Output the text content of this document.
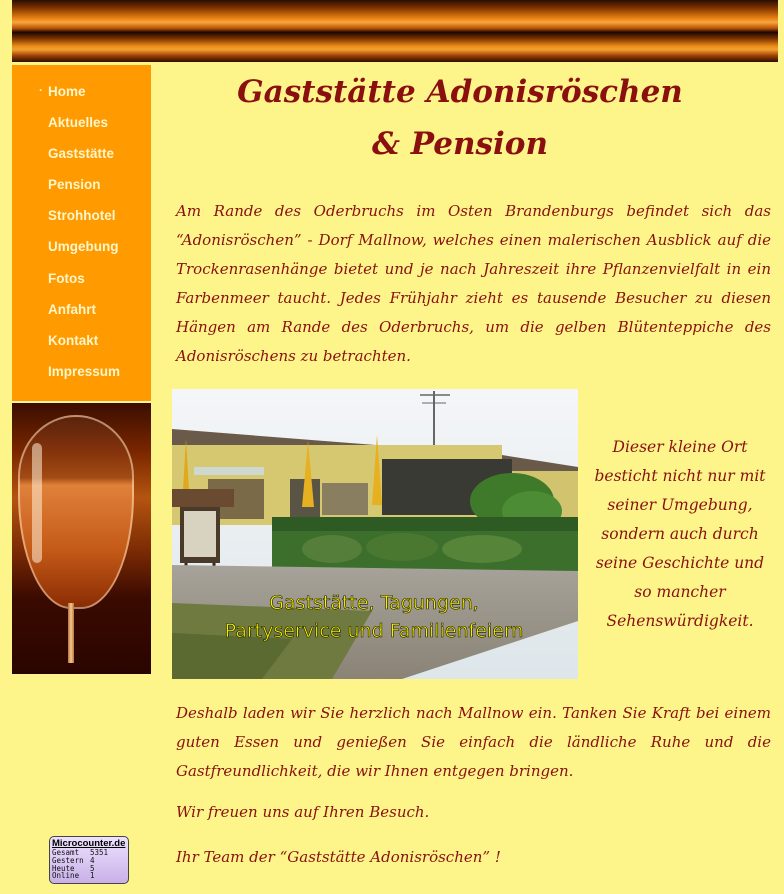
· Home
Aktuelles
Gaststätte
Pension
Strohhotel
Umgebung
Fotos
Anfahrt
Kontakt
Impressum
Gaststätte Adonisröschen
& Pension

Am Rande des Oderbruchs im Osten Brandenburgs befindet sich das “Adonisröschen” - Dorf Mallnow, welches einen malerischen Ausblick auf die Trockenrasenhänge bietet und je nach Jahreszeit ihre Pflanzenvielfalt in ein Farbenmeer taucht. Jedes Frühjahr zieht es tausende Besucher zu diesen Hängen am Rande des Oderbruchs, um die gelben Blütenteppiche des Adonisröschens zu betrachten.

Gaststätte, Tagungen,
Partyservice und Familienfeiern

Dieser kleine Ort besticht nicht nur mit seiner Umgebung, sondern auch durch seine Geschichte und so mancher Sehenswürdigkeit.

Deshalb laden wir Sie herzlich nach Mallnow ein. Tanken Sie Kraft bei einem guten Essen und genießen Sie einfach die ländliche Ruhe und die Gastfreundlichkeit, die wir Ihnen entgegen bringen.

Wir freuen uns auf Ihren Besuch.

Ihr Team der “Gaststätte Adonisröschen” !

Microcounter.de
Gesamt 5351
Gestern 4
Heute 5
Online 1
